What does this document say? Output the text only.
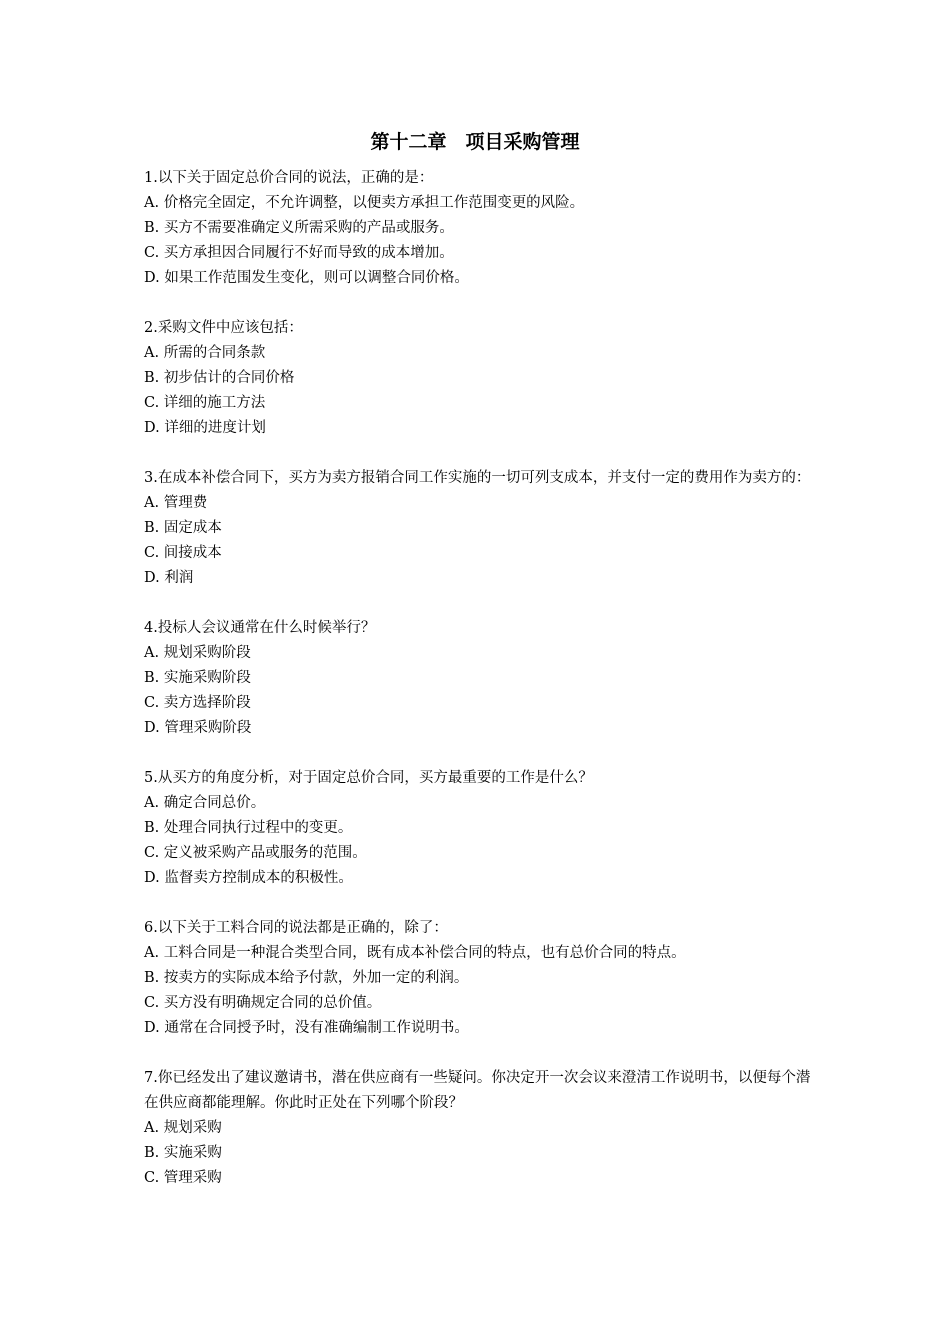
第十二章　项目采购管理

1.以下关于固定总价合同的说法，正确的是：

A. 价格完全固定，不允许调整，以便卖方承担工作范围变更的风险。

B. 买方不需要准确定义所需采购的产品或服务。

C. 买方承担因合同履行不好而导致的成本增加。

D. 如果工作范围发生变化，则可以调整合同价格。

2.采购文件中应该包括：

A. 所需的合同条款

B. 初步估计的合同价格

C. 详细的施工方法

D. 详细的进度计划

3.在成本补偿合同下，买方为卖方报销合同工作实施的一切可列支成本，并支付一定的费用作为卖方的：

A. 管理费

B. 固定成本

C. 间接成本

D. 利润

4.投标人会议通常在什么时候举行？

A. 规划采购阶段

B. 实施采购阶段

C. 卖方选择阶段

D. 管理采购阶段

5.从买方的角度分析，对于固定总价合同，买方最重要的工作是什么？

A. 确定合同总价。

B. 处理合同执行过程中的变更。

C. 定义被采购产品或服务的范围。

D. 监督卖方控制成本的积极性。

6.以下关于工料合同的说法都是正确的，除了：

A. 工料合同是一种混合类型合同，既有成本补偿合同的特点，也有总价合同的特点。

B. 按卖方的实际成本给予付款，外加一定的利润。

C. 买方没有明确规定合同的总价值。

D. 通常在合同授予时，没有准确编制工作说明书。

7.你已经发出了建议邀请书，潜在供应商有一些疑问。你决定开一次会议来澄清工作说明书，以便每个潜在供应商都能理解。你此时正处在下列哪个阶段？

A. 规划采购

B. 实施采购

C. 管理采购
